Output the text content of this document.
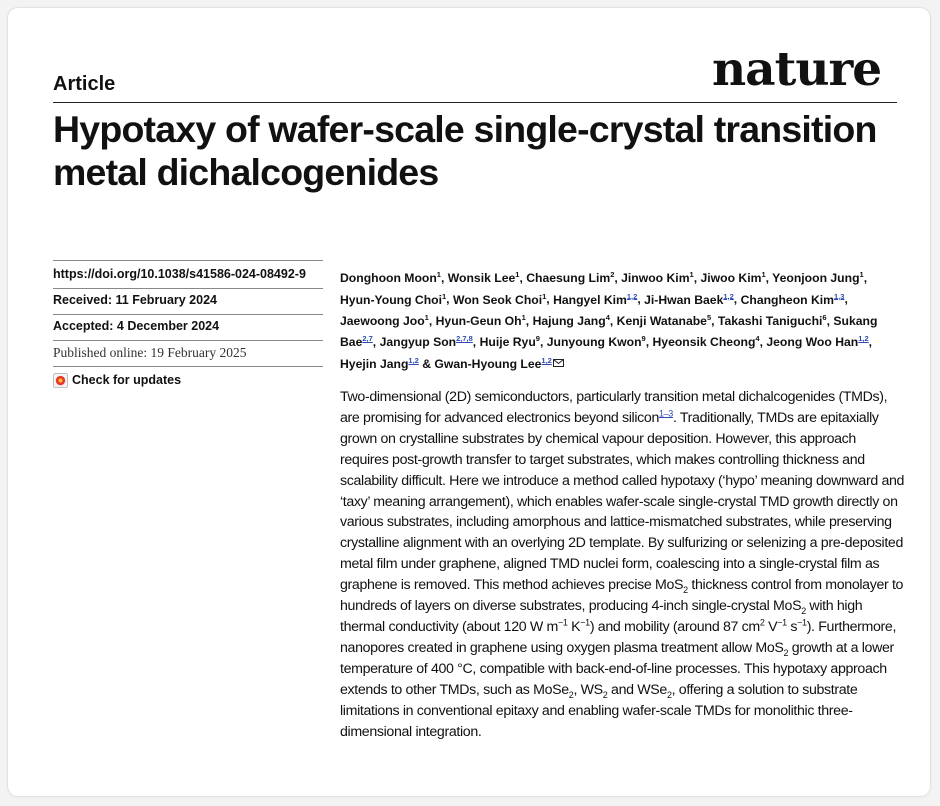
nature
Article
Hypotaxy of wafer-scale single-crystal transition metal dichalcogenides
https://doi.org/10.1038/s41586-024-08492-9
Received: 11 February 2024
Accepted: 4 December 2024
Published online: 19 February 2025
Check for updates
Donghoon Moon$^1$, Wonsik Lee$^1$, Chaesung Lim$^2$, Jinwoo Kim$^1$, Jiwoo Kim$^1$, Yeonjoon Jung$^1$, Hyun-Young Choi$^1$, Won Seok Choi$^1$, Hangyel Kim$^{1,2}$, Ji-Hwan Baek$^{1,2}$, Changheon Kim$^{1,3}$, Jaewoong Joo$^1$, Hyun-Geun Oh$^1$, Hajung Jang$^4$, Kenji Watanabe$^5$, Takashi Taniguchi$^6$, Sukang Bae$^{2,7}$, Jangyup Son$^{2,7,8}$, Huije Ryu$^9$, Junyoung Kwon$^9$, Hyeonsik Cheong$^4$, Jeong Woo Han$^{1,2}$, Hyejin Jang$^{1,2}$ & Gwan-Hyoung Lee$^{1,2}$

Two-dimensional (2D) semiconductors, particularly transition metal dichalcogenides (TMDs), are promising for advanced electronics beyond silicon$^{1-3}$. Traditionally, TMDs are epitaxially grown on crystalline substrates by chemical vapour deposition. However, this approach requires post-growth transfer to target substrates, which makes controlling thickness and scalability difficult. Here we introduce a method called hypotaxy (‘hypo’ meaning downward and ‘taxy’ meaning arrangement), which enables wafer-scale single-crystal TMD growth directly on various substrates, including amorphous and lattice-mismatched substrates, while preserving crystalline alignment with an overlying 2D template. By sulfurizing or selenizing a pre-deposited metal film under graphene, aligned TMD nuclei form, coalescing into a single-crystal film as graphene is removed. This method achieves precise MoS$_2$ thickness control from monolayer to hundreds of layers on diverse substrates, producing 4-inch single-crystal MoS$_2$ with high thermal conductivity (about 120 W $m^{-1}$ $K^{-1}$) and mobility (around 87 $cm^2$ $V^{-1}$ $s^{-1}$). Furthermore, nanopores created in graphene using oxygen plasma treatment allow MoS$_2$ growth at a lower temperature of 400 °C, compatible with back-end-of-line processes. This hypotaxy approach extends to other TMDs, such as MoSe$_2$, $WS_2$ and WSe$_2$, offering a solution to substrate limitations in conventional epitaxy and enabling wafer-scale TMDs for monolithic three-dimensional integration.
